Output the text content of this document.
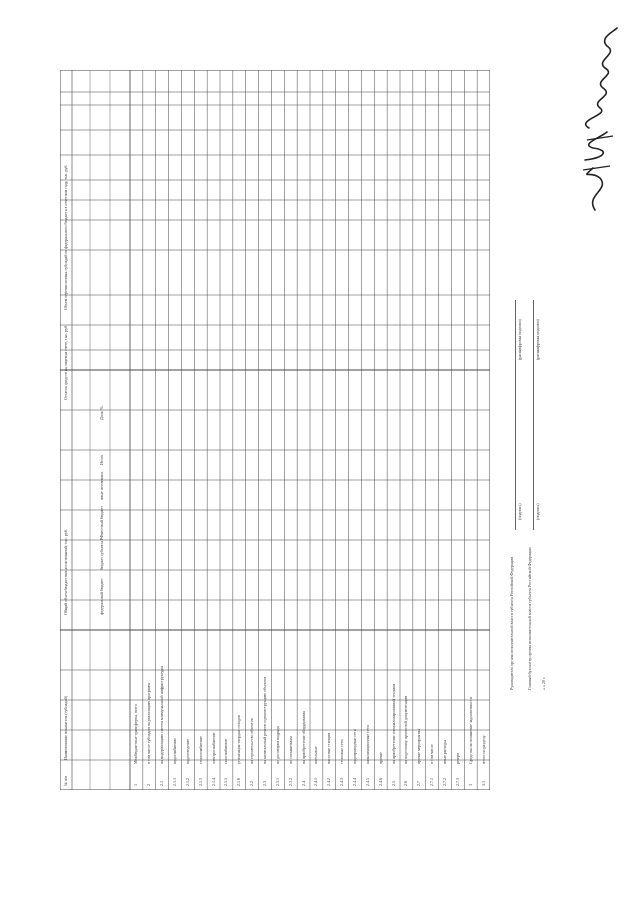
№ п/п
Наименование показателя (субсидий)
Общий объем бюджетных ассигнований, тыс. руб.
Остаток средств на лицевом счете, тыс. руб.
Объем перечисленных субсидий из федерального бюджета в отчетном году, тыс. руб.
федеральный бюджет
бюджет субъекта РФ
местный бюджет
иные источники
Итого
Доля, %
1
Межбюджетные трансферты, всего
2
в том числе субсидии на реализацию программ
2.1
на модернизацию систем коммунальной инфраструктуры
2.1.1
водоснабжение
2.1.2
водоотведение
2.1.3
теплоснабжение
2.1.4
электроснабжение
2.1.5
газоснабжение
2.1.6
утилизация твердых отходов
2.2
на строительство объектов
2.3
на капитальный ремонт и реконструкцию объектов
2.3.1
по договорам подряда
2.3.2
по соглашениям
2.4
на приобретение оборудования
2.4.1
котельные
2.4.2
насосные станции
2.4.3
тепловые сети
2.4.4
водопроводные сети
2.4.5
канализационные сети
2.4.6
прочие
2.5
на приобретение специализированной техники
2.6
на подготовку проектной документации
2.7
прочие мероприятия
2.7.1
в том числе
2.7.2
иные расходы
2.7.3
резерв
3
Средства на погашение задолженности
3.1
итого по разделу
Руководитель органа исполнительной власти субъекта Российской Федерации	Главный бухгалтер органа исполнительной власти субъекта Российской Федерации « » 20 г.
(подпись)
(расшифровка подписи)
(подпись)
(расшифровка подписи)
